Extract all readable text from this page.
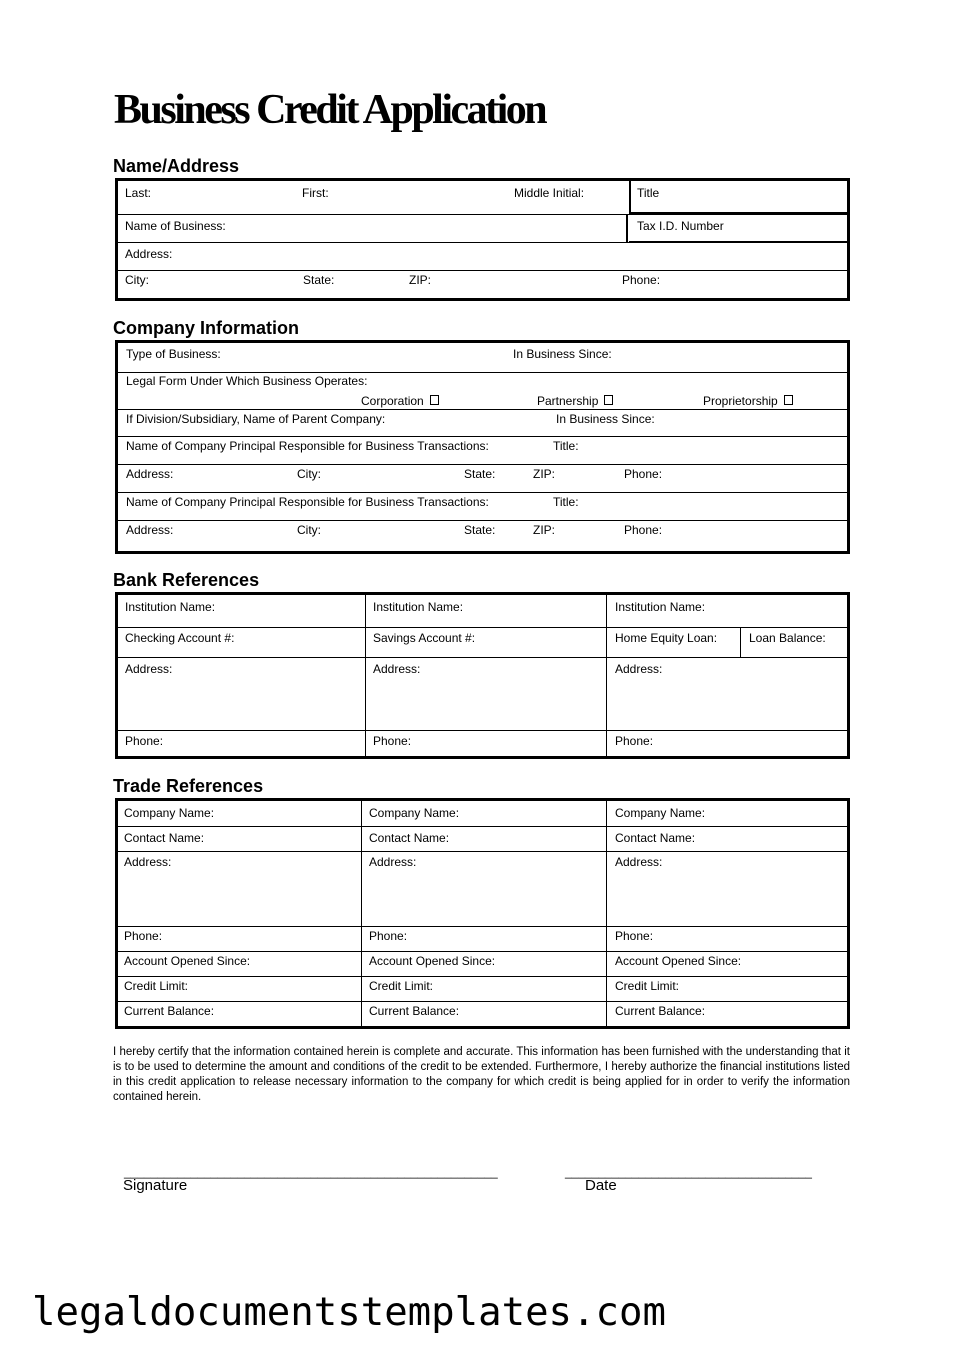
Business Credit Application
Name/Address
Last:	First:	Middle Initial:	Title
Name of Business:	Tax I.D. Number
Address:
City:	State:	ZIP:	Phone:
Company Information
Type of Business:	In Business Since:
Legal Form Under Which Business Operates:
Corporation	Partnership	Proprietorship
If Division/Subsidiary, Name of Parent Company:	In Business Since:
Name of Company Principal Responsible for Business Transactions:	Title:
Address:	City:	State:	ZIP:	Phone:
Name of Company Principal Responsible for Business Transactions:	Title:
Address:	City:	State:	ZIP:	Phone:
Bank References
Institution Name:	Institution Name:	Institution Name:
Checking Account #:	Savings Account #:	Home Equity Loan:	Loan Balance:
Address:	Address:	Address:
Phone:	Phone:	Phone:
Trade References
Company Name:	Company Name:	Company Name:
Contact Name:	Contact Name:	Contact Name:
Address:	Address:	Address:
Phone:	Phone:	Phone:
Account Opened Since:	Account Opened Since:	Account Opened Since:
Credit Limit:	Credit Limit:	Credit Limit:
Current Balance:	Current Balance:	Current Balance:
I hereby certify that the information contained herein is complete and accurate. This information has been furnished with the understanding that it is to be used to determine the amount and conditions of the credit to be extended. Furthermore, I hereby authorize the financial institutions listed in this credit application to release necessary information to the company for which credit is being applied for in order to verify the information contained herein.
________________________________________________________	_____________________________________
Signature	Date
legaldocumentstemplates.com
